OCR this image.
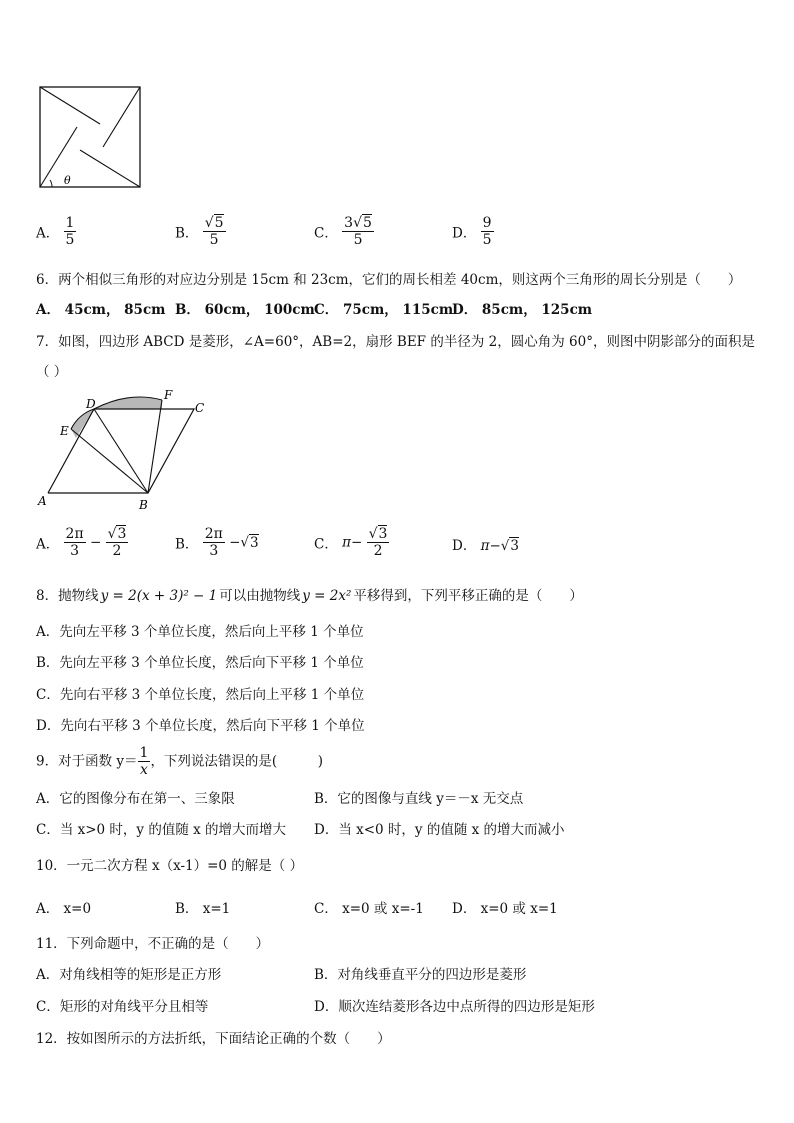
θ
A． $\frac{1}{5}$	B． $\frac{√5}{5}$	C． $\frac{3√5}{5}$	D． $\frac{9}{5}$
6．两个相似三角形的对应边分别是 15cm 和 23cm，它们的周长相差 40cm，则这两个三角形的周长分别是（　　）
A． 45cm， 85cm B． 60cm， 100cm C． 75cm， 115cm
D． 85cm， 125cm
7．如图，四边形 ABCD 是菱形，∠A=60°，AB=2，扇形 BEF 的半径为 2，圆心角为 60°，则图中阴影部分的面积是
（ ）
A	B
C
D
E
F
A． $\frac{2\pi}{3} - \frac{√3}{2}$	B． $\frac{2\pi}{3} -√3$	C． $\pi- \frac{√3}{2}$	D． π−√3
8．抛物线 y = 2(x + 3)² − 1 可以由抛物线 y = 2x² 平移得到，下列平移正确的是（　　）
A．先向左平移 3 个单位长度，然后向上平移 1 个单位
B．先向左平移 3 个单位长度，然后向下平移 1 个单位
C．先向右平移 3 个单位长度，然后向上平移 1 个单位
D．先向右平移 3 个单位长度，然后向下平移 1 个单位
9．对于函数 $y= \frac{1}{x}$ ，下列说法错误的是(　　　)
A．它的图像分布在第一、三象限	B．它的图像与直线 y＝－x 无交点
C．当 x>0 时，y 的值随 x 的增大而增大 D．当 x<0 时，y 的值随 x 的增大而减小
10．一元二次方程 x（x-1）=0 的解是（ ）
A． x=0	B． x=1	C． x=0 或 x=-1 D． x=0 或 x=1
11．下列命题中，不正确的是（　　）
A．对角线相等的矩形是正方形	B．对角线垂直平分的四边形是菱形
C．矩形的对角线平分且相等	D．顺次连结菱形各边中点所得的四边形是矩形
12．按如图所示的方法折纸，下面结论正确的个数（　　）
